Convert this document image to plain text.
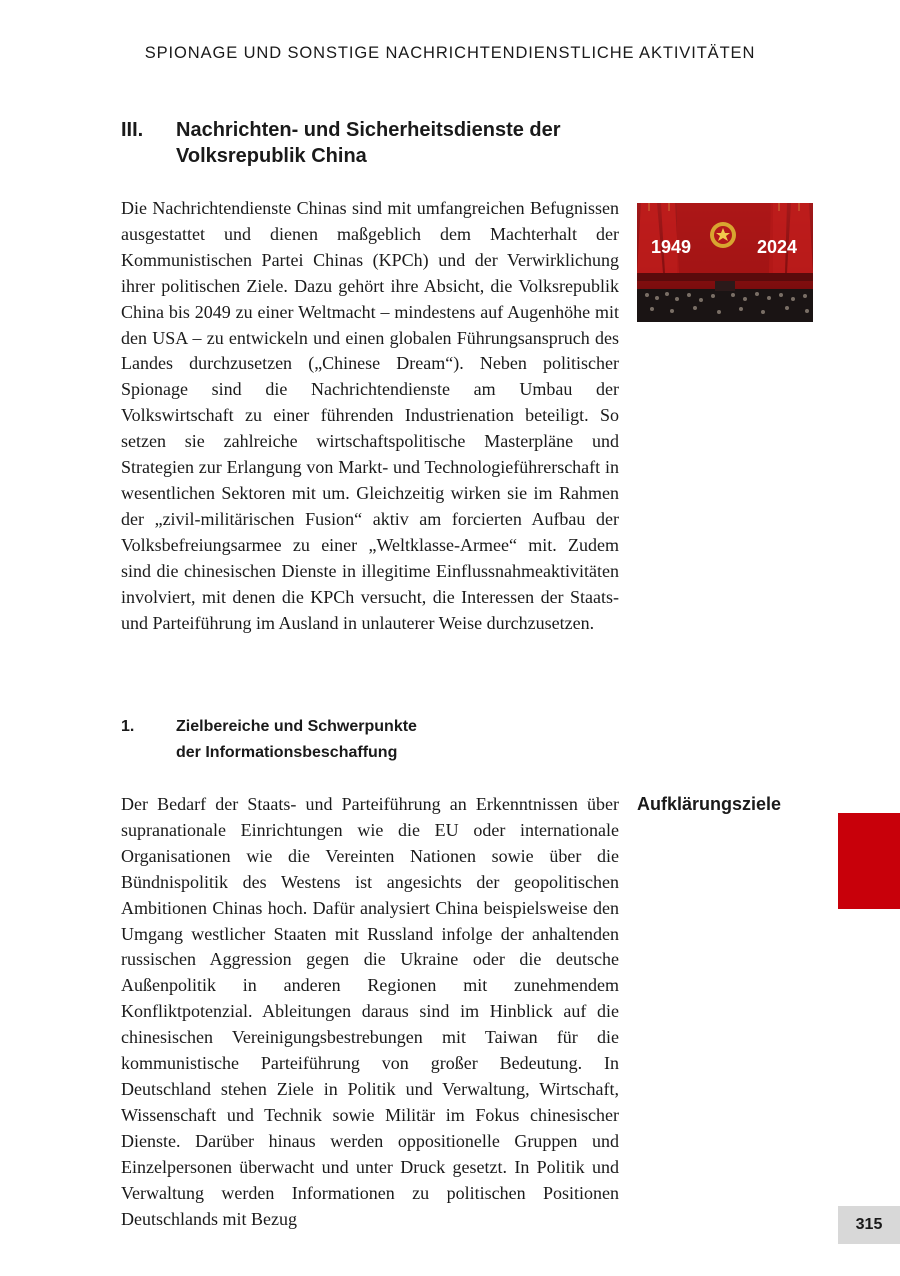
SPIONAGE UND SONSTIGE NACHRICHTENDIENSTLICHE AKTIVITÄTEN
III. Nachrichten- und Sicherheitsdienste der Volksrepublik China

Die Nachrichtendienste Chinas sind mit umfangreichen Befugnissen ausgestattet und dienen maßgeblich dem Machterhalt der Kommunistischen Partei Chinas (KPCh) und der Verwirklichung ihrer politischen Ziele. Dazu gehört ihre Absicht, die Volksrepublik China bis 2049 zu einer Weltmacht – mindestens auf Augenhöhe mit den USA – zu entwickeln und einen globalen Führungsanspruch des Landes durchzusetzen („Chinese Dream“). Neben politischer Spionage sind die Nachrichtendienste am Umbau der Volkswirtschaft zu einer führenden Industrienation beteiligt. So setzen sie zahlreiche wirtschaftspolitische Masterpläne und Strategien zur Erlangung von Markt- und Technologieführerschaft in wesentlichen Sektoren mit um. Gleichzeitig wirken sie im Rahmen der „zivil-militärischen Fusion“ aktiv am forcierten Aufbau der Volksbefreiungsarmee zu einer „Weltklasse-Armee“ mit. Zudem sind die chinesischen Dienste in illegitime Einflussnahmeaktivitäten involviert, mit denen die KPCh versucht, die Interessen der Staats- und Parteiführung im Ausland in unlauterer Weise durchzusetzen.

1949	2024
1.	Zielbereiche und Schwerpunkte
der Informationsbeschaffung
Aufklärungsziele

Der Bedarf der Staats- und Parteiführung an Erkenntnissen über supranationale Einrichtungen wie die EU oder internationale Organisationen wie die Vereinten Nationen sowie über die Bündnispolitik des Westens ist angesichts der geopolitischen Ambitionen Chinas hoch. Dafür analysiert China beispielsweise den Umgang westlicher Staaten mit Russland infolge der anhaltenden russischen Aggression gegen die Ukraine oder die deutsche Außenpolitik in anderen Regionen mit zunehmendem Konfliktpotenzial. Ableitungen daraus sind im Hinblick auf die chinesischen Vereinigungsbestrebungen mit Taiwan für die kommunistische Parteiführung von großer Bedeutung. In Deutschland stehen Ziele in Politik und Verwaltung, Wirtschaft, Wissenschaft und Technik sowie Militär im Fokus chinesischer Dienste. Darüber hinaus werden oppositionelle Gruppen und Einzelpersonen überwacht und unter Druck gesetzt. In Politik und Verwaltung werden Informationen zu politischen Positionen Deutschlands mit Bezug	315
